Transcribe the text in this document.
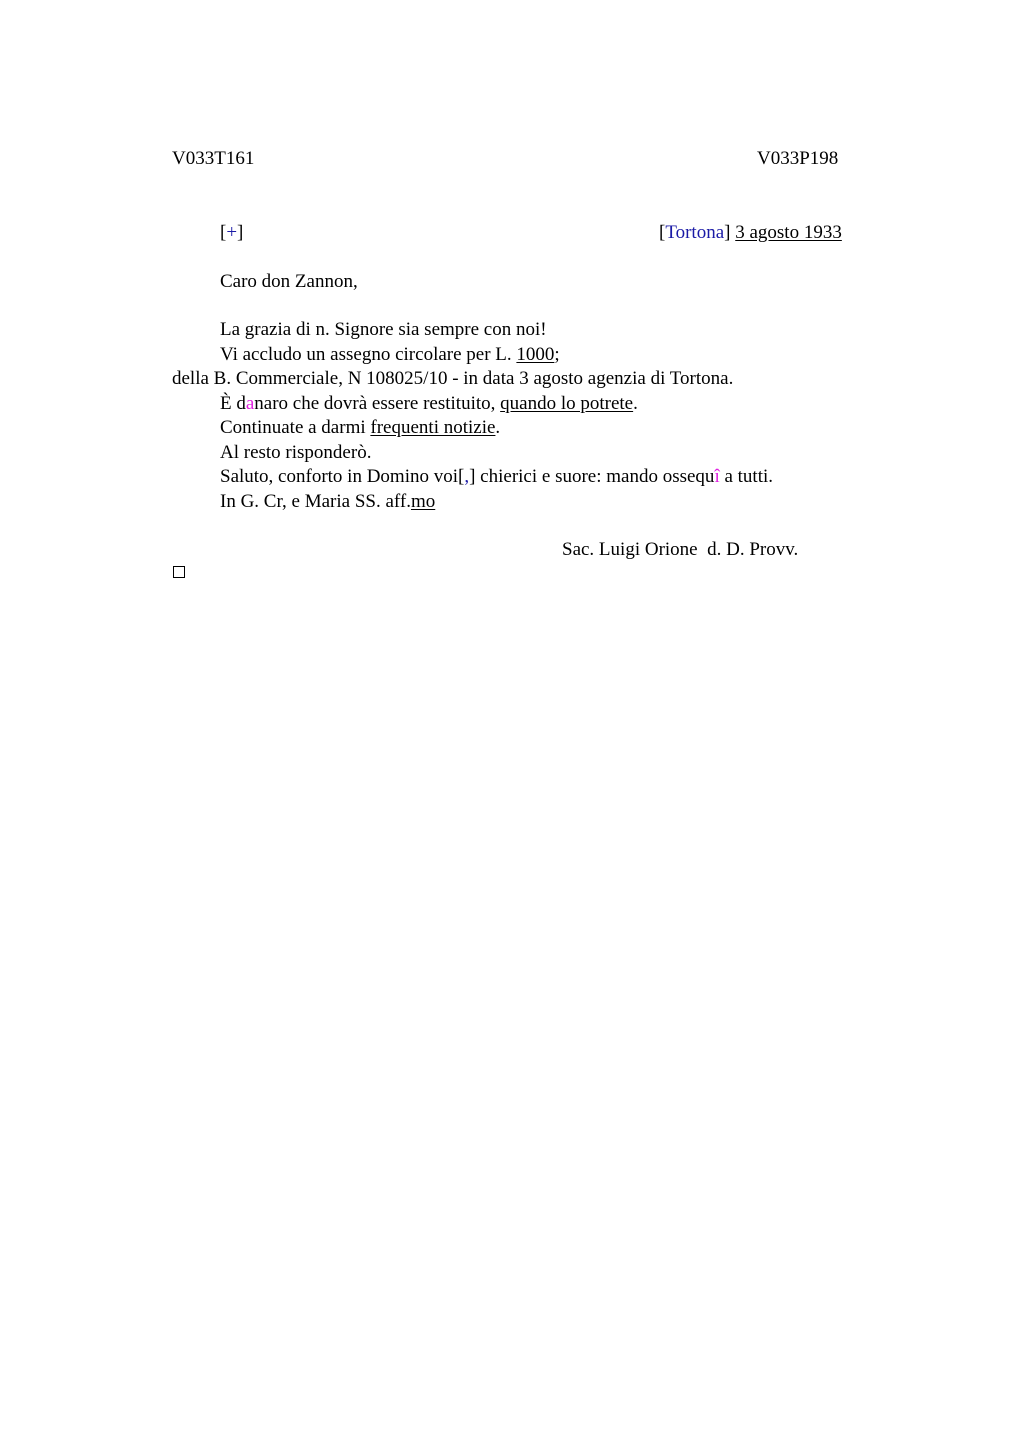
V033T161	V033P198
[+]	[Tortona] 3 agosto 1933
Caro don Zannon,
La grazia di n. Signore sia sempre con noi!
Vi accludo un assegno circolare per L. 1000;
della B. Commerciale, N 108025/10 - in data 3 agosto agenzia di Tortona.
È danaro che dovrà essere restituito, quando lo potrete.
Continuate a darmi frequenti notizie.
Al resto risponderò.
Saluto, conforto in Domino voi[,] chierici e suore: mando ossequî a tutti.
In G. Cr, e Maria SS. aff.mo
Sac. Luigi Orione  d. D. Provv.
